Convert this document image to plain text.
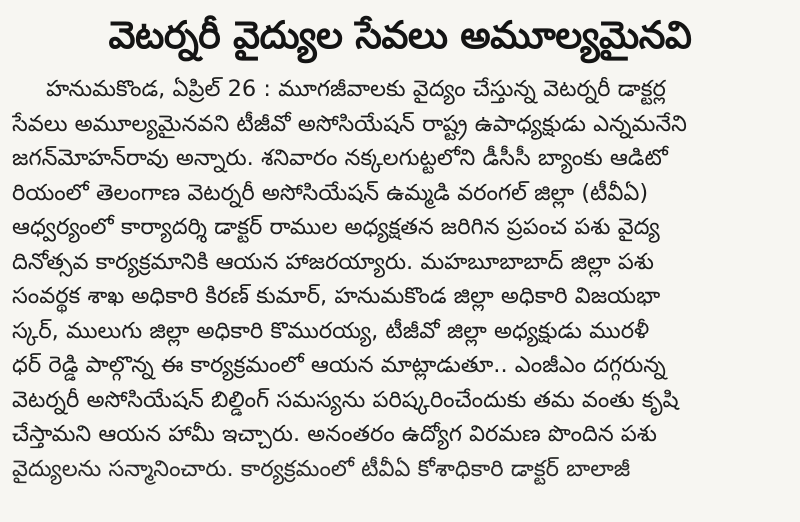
వెటర్నరీ వైద్యుల సేవలు అమూల్యమైనవి
హనుమకొండ, ఏప్రిల్ 26 : మూగజీవాలకు వైద్యం చేస్తున్న వెటర్నరీ డాక్టర్ల
సేవలు అమూల్యమైనవని టీజీవో అసోసియేషన్ రాష్ట్ర ఉపాధ్యక్షుడు ఎన్నమనేని
జగన్‌మోహన్‌రావు అన్నారు. శనివారం నక్కలగుట్టలోని డీసీసీ బ్యాంకు ఆడిటో
రియంలో తెలంగాణ వెటర్నరీ అసోసియేషన్ ఉమ్మడి వరంగల్ జిల్లా (టీవీఏ)
ఆధ్వర్యంలో కార్యాదర్శి డాక్టర్ రాముల అధ్యక్షతన జరిగిన ప్రపంచ పశు వైద్య
దినోత్సవ కార్యక్రమానికి ఆయన హాజరయ్యారు. మహబూబాబాద్ జిల్లా పశు
సంవర్థక శాఖ అధికారి కిరణ్ కుమార్, హనుమకొండ జిల్లా అధికారి విజయభా
స్కర్, ములుగు జిల్లా అధికారి కొమురయ్య, టీజీవో జిల్లా అధ్యక్షుడు మురళీ
ధర్ రెడ్డి పాల్గొన్న ఈ కార్యక్రమంలో ఆయన మాట్లాడుతూ.. ఎంజీఎం దగ్గరున్న
వెటర్నరీ అసోసియేషన్ బిల్డింగ్ సమస్యను పరిష్కరించేందుకు తమ వంతు కృషి
చేస్తామని ఆయన హామీ ఇచ్చారు. అనంతరం ఉద్యోగ విరమణ పొందిన పశు
వైద్యులను సన్మానించారు. కార్యక్రమంలో టీవీఏ కోశాధికారి డాక్టర్ బాలాజీ
